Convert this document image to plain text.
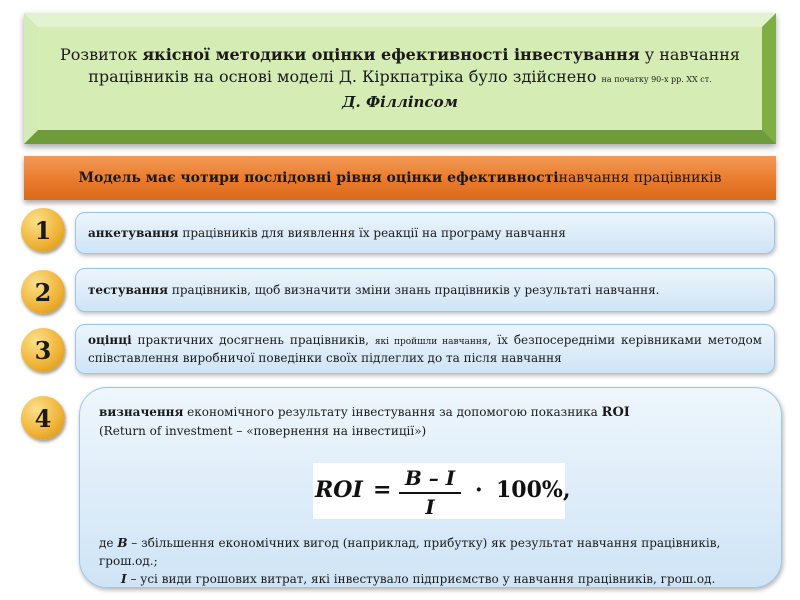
Розвиток якісної методики оцінки ефективності інвестування у навчання працівників на основі моделі Д. Кіркпатріка було здійснено на початку 90-х рр. ХХ ст.
Д. Філліпсом
Модель має чотири послідовні рівня оцінки ефективності навчання працівників
1	анкетування працівників для виявлення їх реакції на програму навчання
2	тестування працівників, щоб визначити зміни знань працівників у результаті навчання.
3	оцінці практичних досягнень працівників, які пройшли навчання, їх безпосередніми керівниками методом співставлення виробничої поведінки своїх підлеглих до та після навчання
4	визначення економічного результату інвестування за допомогою показника ROI
(Return of investment – «повернення на інвестиції»)
ROI = B – I
I
· 100%,
де B – збільшення економічних вигод (наприклад, прибутку) як результат навчання працівників, грош.од.;
I – усі види грошових витрат, які інвестувало підприємство у навчання працівників, грош.од.
